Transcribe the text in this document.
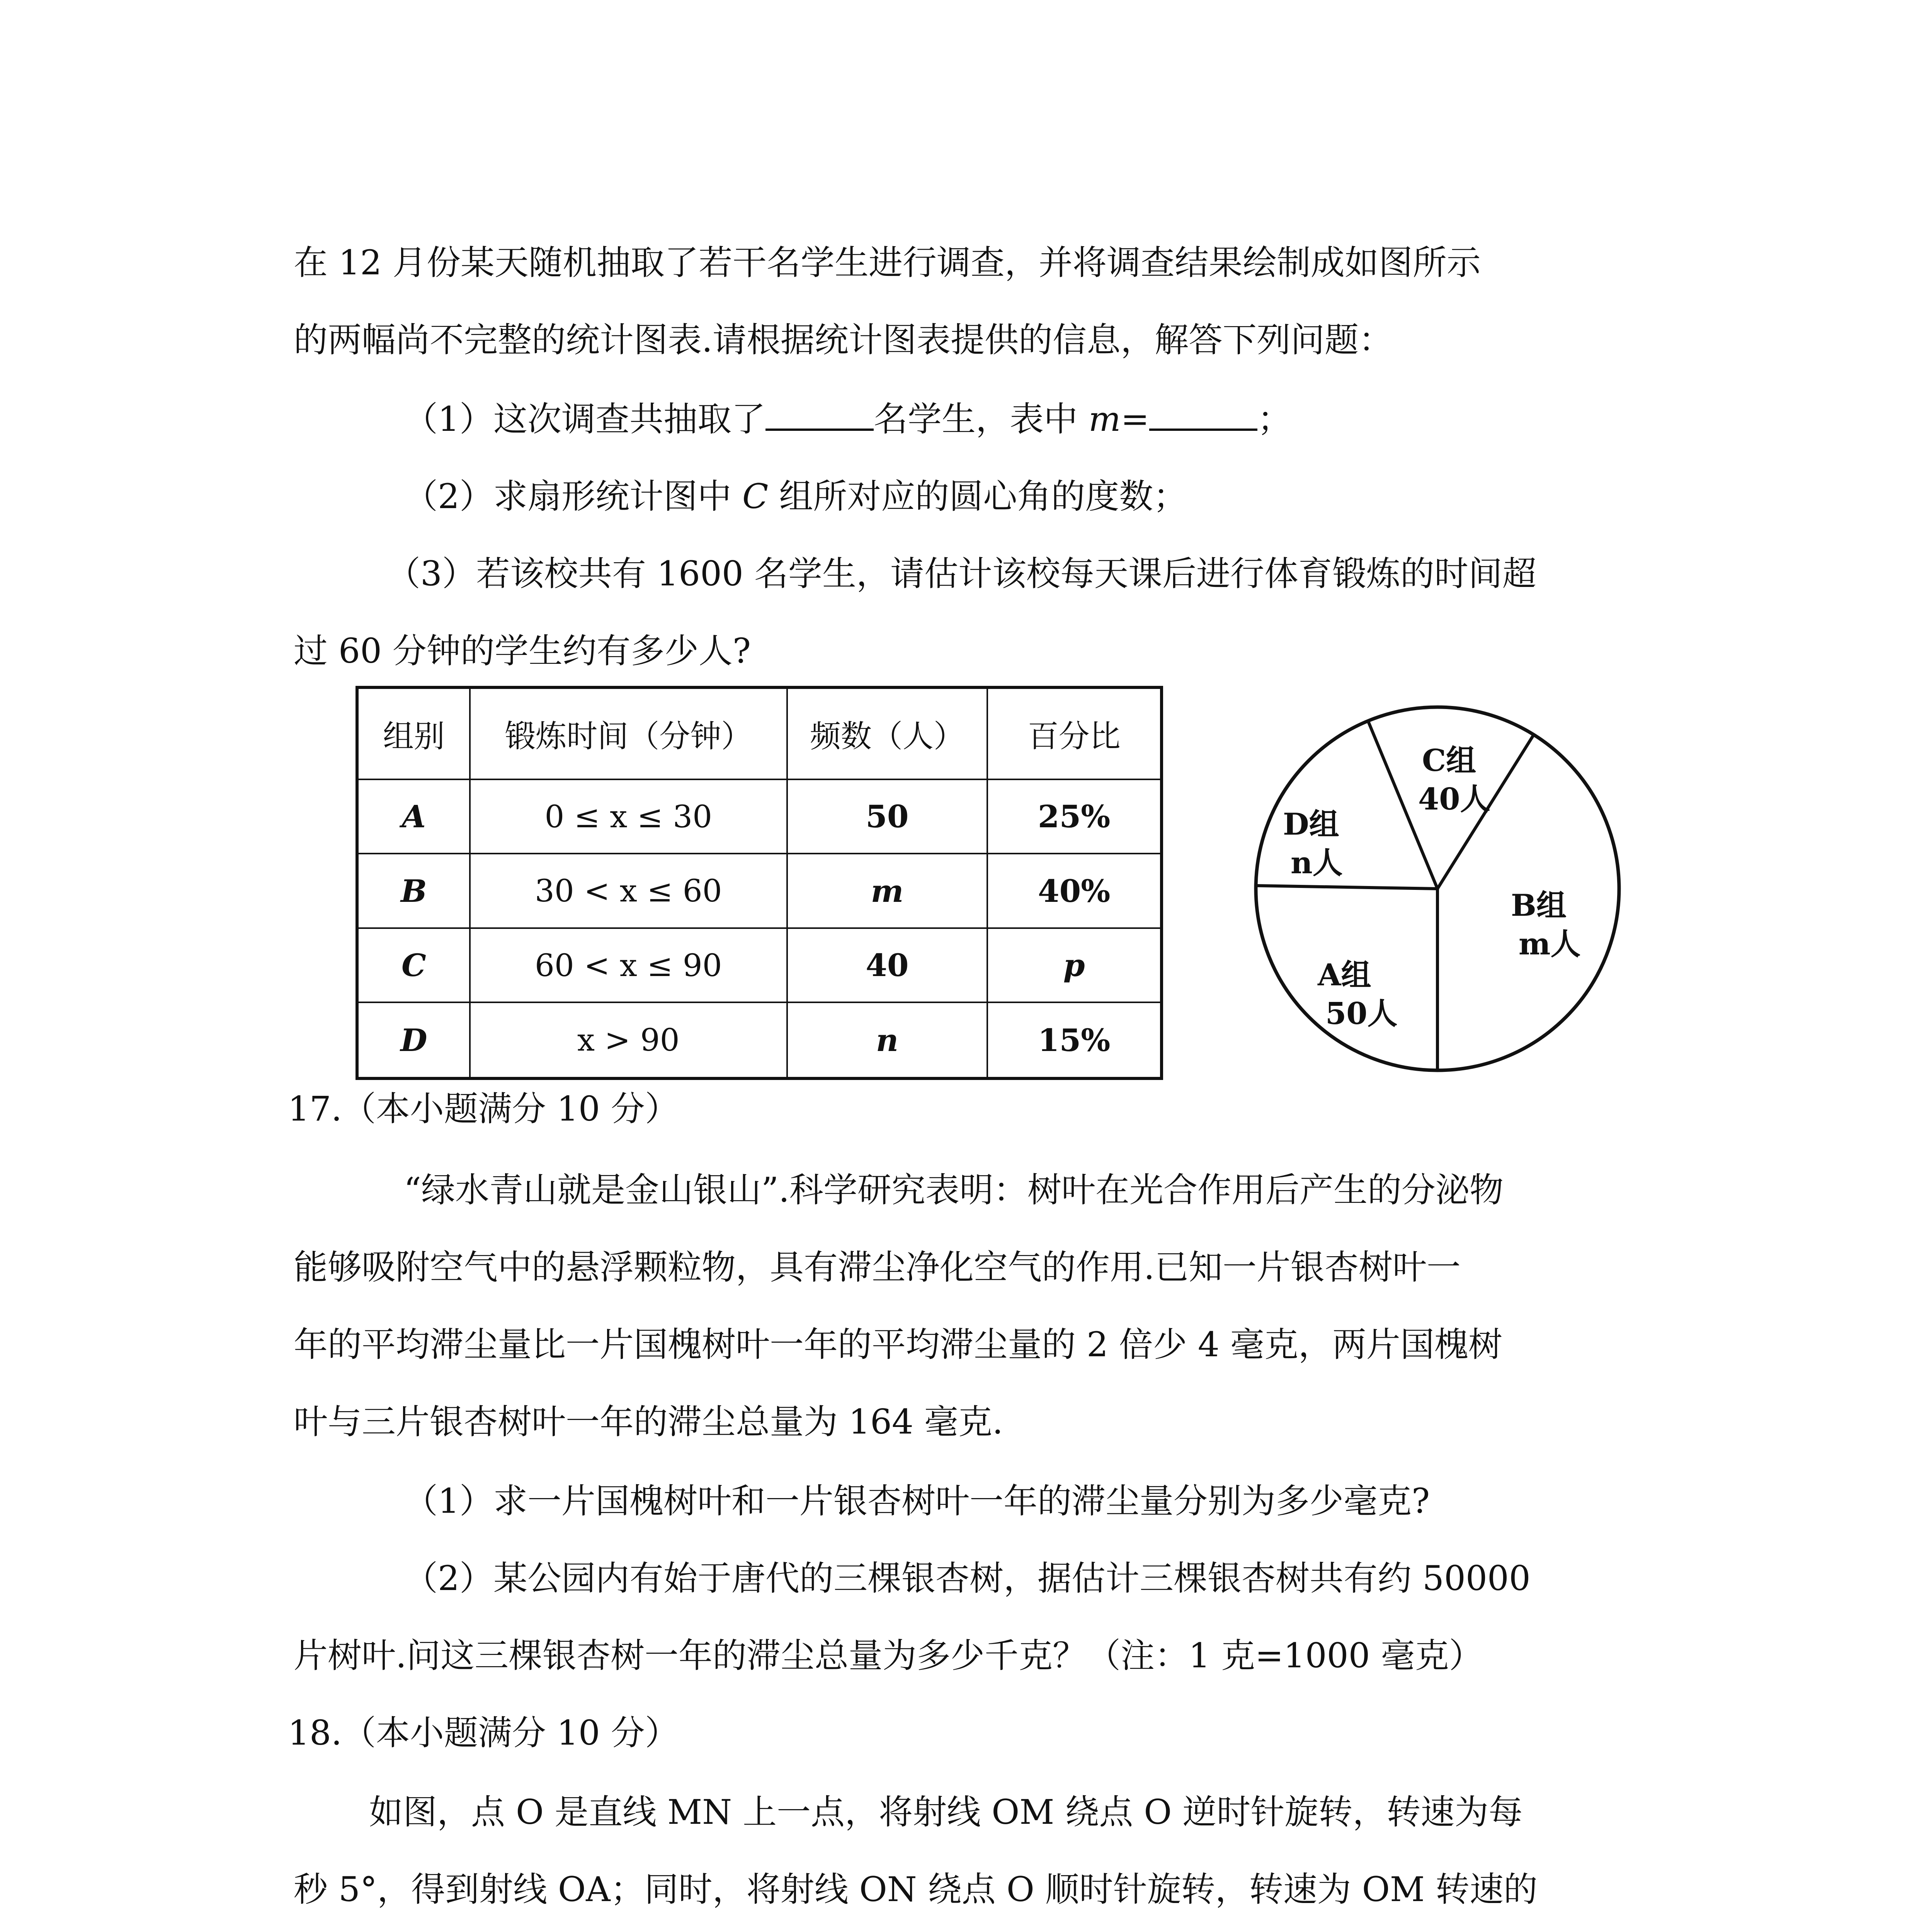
在 12 月份某天随机抽取了若干名学生进行调查，并将调查结果绘制成如图所示
的两幅尚不完整的统计图表.请根据统计图表提供的信息，解答下列问题：
（1）这次调查共抽取了	名学生，表中 m=	；
（2）求扇形统计图中 C 组所对应的圆心角的度数；
（3）若该校共有 1600 名学生，请估计该校每天课后进行体育锻炼的时间超
过 60 分钟的学生约有多少人?
组别	锻炼时间（分钟）	频数（人）	百分比
A	0 ≤ x ≤ 30	50	25%
B	30 < x ≤ 60	m	40%
C	60 < x ≤ 90	40	p
D	x > 90	n	15%
C组
40人
D组
n人
B组
m人
A组
50人
17.（本小题满分 10 分）
“绿水青山就是金山银山”.科学研究表明：树叶在光合作用后产生的分泌物
能够吸附空气中的悬浮颗粒物，具有滞尘净化空气的作用.已知一片银杏树叶一
年的平均滞尘量比一片国槐树叶一年的平均滞尘量的 2 倍少 4 毫克，两片国槐树
叶与三片银杏树叶一年的滞尘总量为 164 毫克.
（1）求一片国槐树叶和一片银杏树叶一年的滞尘量分别为多少毫克?
（2）某公园内有始于唐代的三棵银杏树，据估计三棵银杏树共有约 50000
片树叶.问这三棵银杏树一年的滞尘总量为多少千克？（注：1 克=1000 毫克）
18.（本小题满分 10 分）
如图，点 O 是直线 MN 上一点，将射线 OM 绕点 O 逆时针旋转，转速为每
秒 5°，得到射线 OA；同时，将射线 ON 绕点 O 顺时针旋转，转速为 OM 转速的
